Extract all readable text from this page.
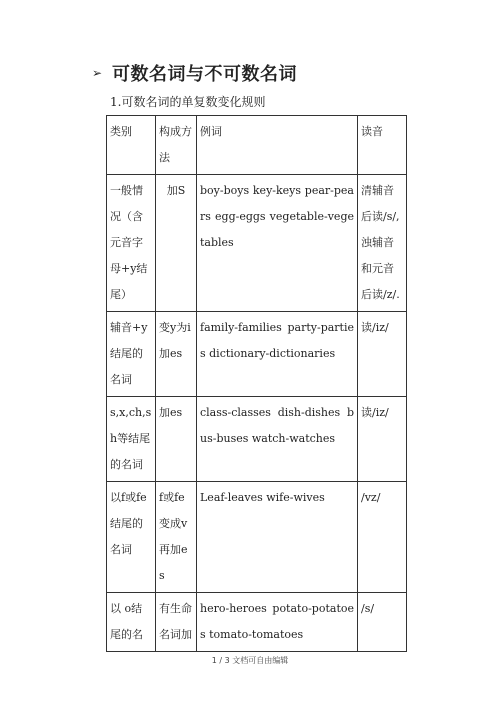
➢ 可数名词与不可数名词
1.可数名词的单复数变化规则
类别	构成方法	例词	读音
一般情况（含元音字母+y结尾）	加S	boy-boys key-keys pear-pears egg-eggs vegetable-vegetables	清辅音后读/s/,浊辅音和元音后读/z/.
辅音+y结尾的名词	变y为i加es	family-families party-parties dictionary-dictionaries	读/iz/
s,x,ch,sh等结尾的名词	加es	class-classes dish-dishes bus-buses watch-watches	读/iz/
以f或fe结尾的名词	f或fe变成v再加es	Leaf-leaves wife-wives	/vz/
以 o结尾的名	有生命名词加	hero-heroes potato-potatoes tomato-tomatoes	/s/
1 / 3 文档可自由编辑
